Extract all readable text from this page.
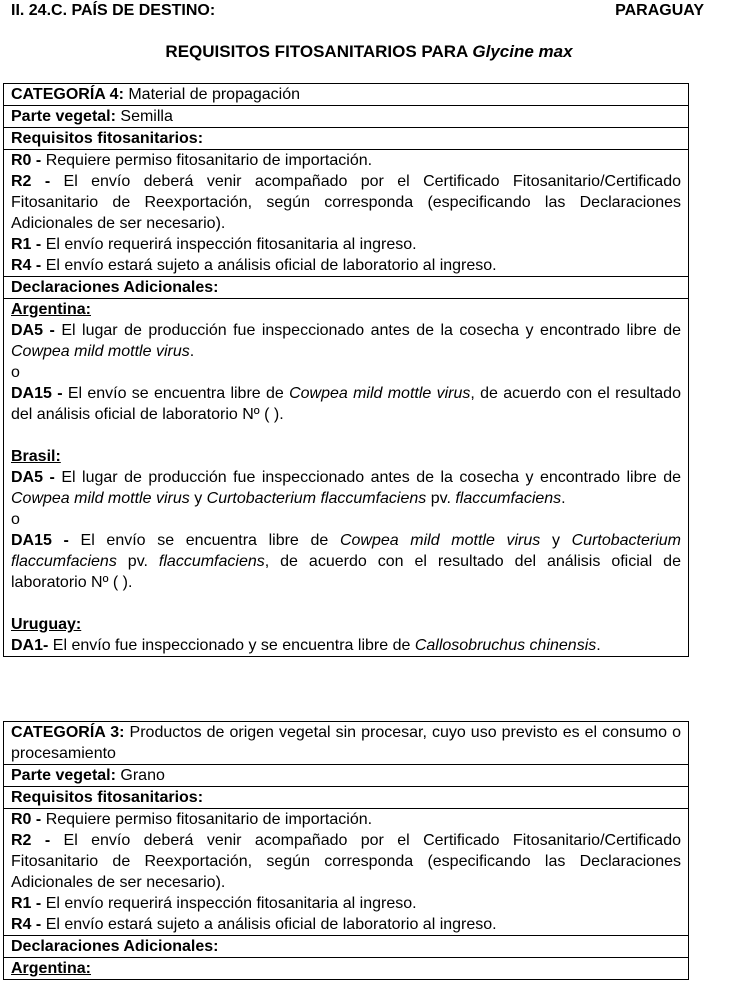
II. 24.C. PAÍS DE DESTINO:	PARAGUAY
REQUISITOS FITOSANITARIOS PARA Glycine max
CATEGORÍA 4: Material de propagación
Parte vegetal: Semilla
Requisitos fitosanitarios:

R0 - Requiere permiso fitosanitario de importación.
R2 - El envío deberá venir acompañado por el Certificado Fitosanitario/Certificado Fitosanitario de Reexportación, según corresponda (especificando las Declaraciones Adicionales de ser necesario).
R1 - El envío requerirá inspección fitosanitaria al ingreso.
R4 - El envío estará sujeto a análisis oficial de laboratorio al ingreso.

Declaraciones Adicionales:

Argentina:
DA5 - El lugar de producción fue inspeccionado antes de la cosecha y encontrado libre de Cowpea mild mottle virus.
o
DA15 - El envío se encuentra libre de Cowpea mild mottle virus, de acuerdo con el resultado del análisis oficial de laboratorio Nº ( ).
Brasil:
DA5 - El lugar de producción fue inspeccionado antes de la cosecha y encontrado libre de Cowpea mild mottle virus y Curtobacterium flaccumfaciens pv. flaccumfaciens.
o
DA15 - El envío se encuentra libre de Cowpea mild mottle virus y Curtobacterium flaccumfaciens pv. flaccumfaciens, de acuerdo con el resultado del análisis oficial de laboratorio Nº ( ).
Uruguay:
DA1- El envío fue inspeccionado y se encuentra libre de Callosobruchus chinensis.
CATEGORÍA 3: Productos de origen vegetal sin procesar, cuyo uso previsto es el consumo o procesamiento
Parte vegetal: Grano
Requisitos fitosanitarios:

R0 - Requiere permiso fitosanitario de importación.
R2 - El envío deberá venir acompañado por el Certificado Fitosanitario/Certificado Fitosanitario de Reexportación, según corresponda (especificando las Declaraciones Adicionales de ser necesario).
R1 - El envío requerirá inspección fitosanitaria al ingreso.
R4 - El envío estará sujeto a análisis oficial de laboratorio al ingreso.

Declaraciones Adicionales:

Argentina:
